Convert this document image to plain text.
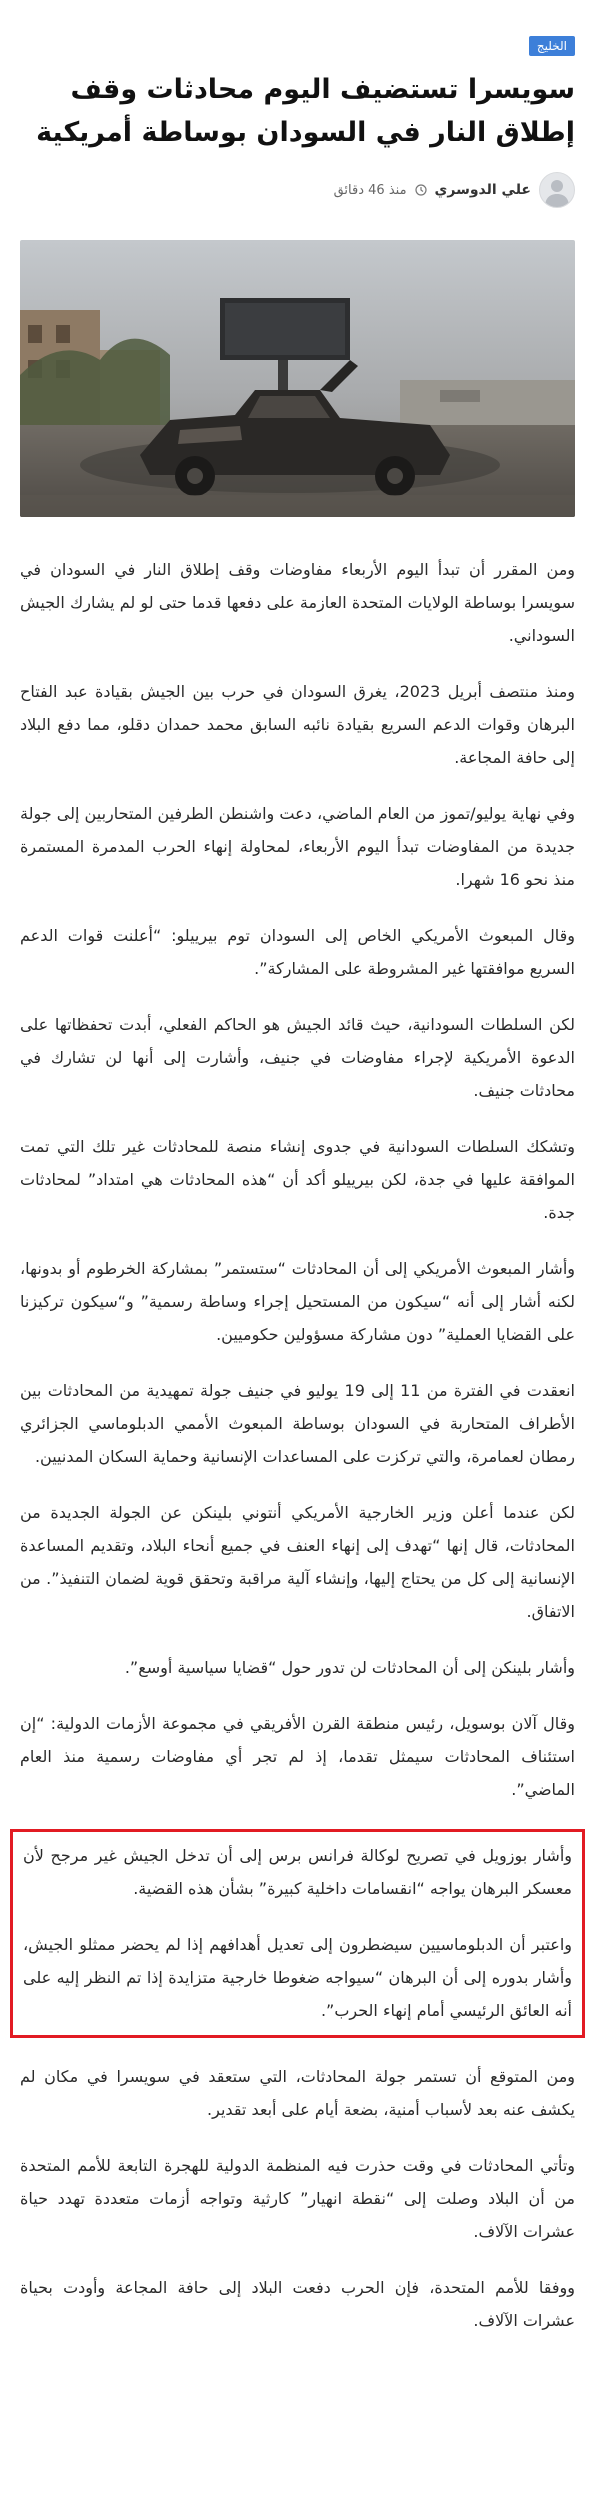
الخليج
سويسرا تستضيف اليوم محادثات وقف إطلاق النار في السودان بوساطة أمريكية
علي الدوسري
منذ 46 دقائق

ومن المقرر أن تبدأ اليوم الأربعاء مفاوضات وقف إطلاق النار في السودان في سويسرا بوساطة الولايات المتحدة العازمة على دفعها قدما حتى لو لم يشارك الجيش السوداني.

ومنذ منتصف أبريل 2023، يغرق السودان في حرب بين الجيش بقيادة عبد الفتاح البرهان وقوات الدعم السريع بقيادة نائبه السابق محمد حمدان دقلو، مما دفع البلاد إلى حافة المجاعة.

وفي نهاية يوليو/تموز من العام الماضي، دعت واشنطن الطرفين المتحاربين إلى جولة جديدة من المفاوضات تبدأ اليوم الأربعاء، لمحاولة إنهاء الحرب المدمرة المستمرة منذ نحو 16 شهرا.

وقال المبعوث الأمريكي الخاص إلى السودان توم بيرييلو: “أعلنت قوات الدعم السريع موافقتها غير المشروطة على المشاركة”.

لكن السلطات السودانية، حيث قائد الجيش هو الحاكم الفعلي، أبدت تحفظاتها على الدعوة الأمريكية لإجراء مفاوضات في جنيف، وأشارت إلى أنها لن تشارك في محادثات جنيف.

وتشكك السلطات السودانية في جدوى إنشاء منصة للمحادثات غير تلك التي تمت الموافقة عليها في جدة، لكن بيرييلو أكد أن “هذه المحادثات هي امتداد” لمحادثات جدة.

وأشار المبعوث الأمريكي إلى أن المحادثات “ستستمر” بمشاركة الخرطوم أو بدونها، لكنه أشار إلى أنه “سيكون من المستحيل إجراء وساطة رسمية” و“سيكون تركيزنا على القضايا العملية” دون مشاركة مسؤولين حكوميين.

انعقدت في الفترة من 11 إلى 19 يوليو في جنيف جولة تمهيدية من المحادثات بين الأطراف المتحاربة في السودان بوساطة المبعوث الأممي الدبلوماسي الجزائري رمطان لعمامرة، والتي تركزت على المساعدات الإنسانية وحماية السكان المدنيين.

لكن عندما أعلن وزير الخارجية الأمريكي أنتوني بلينكن عن الجولة الجديدة من المحادثات، قال إنها “تهدف إلى إنهاء العنف في جميع أنحاء البلاد، وتقديم المساعدة الإنسانية إلى كل من يحتاج إليها، وإنشاء آلية مراقبة وتحقق قوية لضمان التنفيذ”. من الاتفاق.

وأشار بلينكن إلى أن المحادثات لن تدور حول “قضايا سياسية أوسع”.

وقال آلان بوسويل، رئيس منطقة القرن الأفريقي في مجموعة الأزمات الدولية: “إن استئناف المحادثات سيمثل تقدما، إذ لم تجر أي مفاوضات رسمية منذ العام الماضي”.

وأشار بوزويل في تصريح لوكالة فرانس برس إلى أن تدخل الجيش غير مرجح لأن معسكر البرهان يواجه “انقسامات داخلية كبيرة” بشأن هذه القضية.

واعتبر أن الدبلوماسيين سيضطرون إلى تعديل أهدافهم إذا لم يحضر ممثلو الجيش، وأشار بدوره إلى أن البرهان “سيواجه ضغوطا خارجية متزايدة إذا تم النظر إليه على أنه العائق الرئيسي أمام إنهاء الحرب”.

ومن المتوقع أن تستمر جولة المحادثات، التي ستعقد في سويسرا في مكان لم يكشف عنه بعد لأسباب أمنية، بضعة أيام على أبعد تقدير.

وتأتي المحادثات في وقت حذرت فيه المنظمة الدولية للهجرة التابعة للأمم المتحدة من أن البلاد وصلت إلى “نقطة انهيار” كارثية وتواجه أزمات متعددة تهدد حياة عشرات الآلاف.

ووفقا للأمم المتحدة، فإن الحرب دفعت البلاد إلى حافة المجاعة وأودت بحياة عشرات الآلاف.
